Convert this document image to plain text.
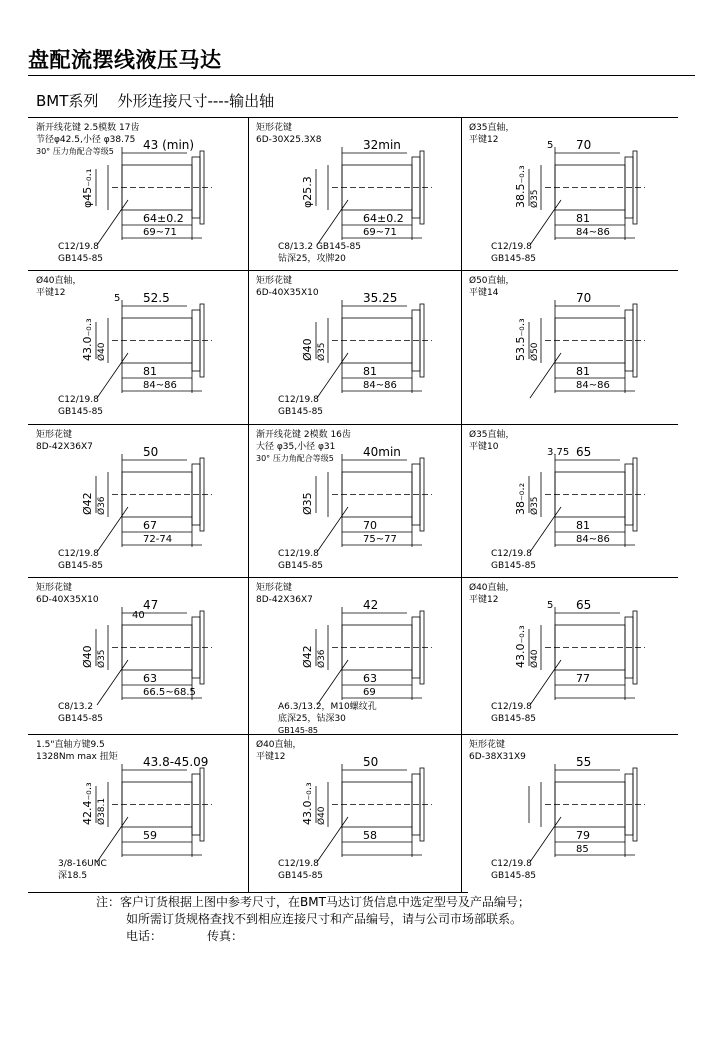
盘配流摆线液压马达
BMT系列    外形连接尺寸----输出轴
渐开线花键 2.5模数 17齿
节径φ42.5,小径 φ38.75
30° 压力角配合等级5 43 (min)
64±0.2
69~71
C12/19.8
GB145-85
φ45₋₀.₁
矩形花键
6D-30X25.3X8	32min
64±0.2
69~71
C8/13.2 GB145-85
钻深25，攻牌20
φ25.3
Ø35直轴，
平键12	5 70
81
84~86
C12/19.8
GB145-85
38.5₋₀.₃ Ø35
Ø40直轴，
平键12	5 52.5
81
84~86
C12/19.8
GB145-85
43.0₋₀.₃ Ø40
矩形花键
6D-40X35X10	35.25
81
84~86
C12/19.8
GB145-85
Ø40 Ø35
Ø50直轴，
平键14	70
81
84~86
53.5₋₀.₃ Ø50
矩形花键
8D-42X36X7	50
67
72-74
C12/19.8
GB145-85
Ø42 Ø36
渐开线花键 2模数 16齿
大径 φ35,小径 φ31
30° 压力角配合等级5 40min
70
75~77
C12/19.8
GB145-85
Ø35
Ø35直轴，
平键10	3.75 65
81
84~86
C12/19.8
GB145-85
38₋₀.₂ Ø35
矩形花键
6D-40X35X10	47
40
63
66.5~68.5
C8/13.2
GB145-85
Ø40 Ø35
矩形花键
8D-42X36X7	42
63
69
A6.3/13.2，M10螺纹孔
底深25，钻深30
GB145-85
Ø42 Ø36
Ø40直轴，
平键12	5 65
77
C12/19.8
GB145-85
43.0₋₀.₃ Ø40
1.5"直轴方键9.5
1328Nm max 扭矩 43.8-45.09
59
3/8-16UNC
深18.5
42.4₋₀.₃ Ø38.1
Ø40直轴，
平键12	50
58
C12/19.8
GB145-85
43.0₋₀.₃ Ø40
矩形花键
6D-38X31X9	55
79
85
C12/19.8
GB145-85
注：客户订货根据上图中参考尺寸，在BMT马达订货信息中选定型号及产品编号；
如所需订货规格查找不到相应连接尺寸和产品编号，请与公司市场部联系。
电话：	传真：
